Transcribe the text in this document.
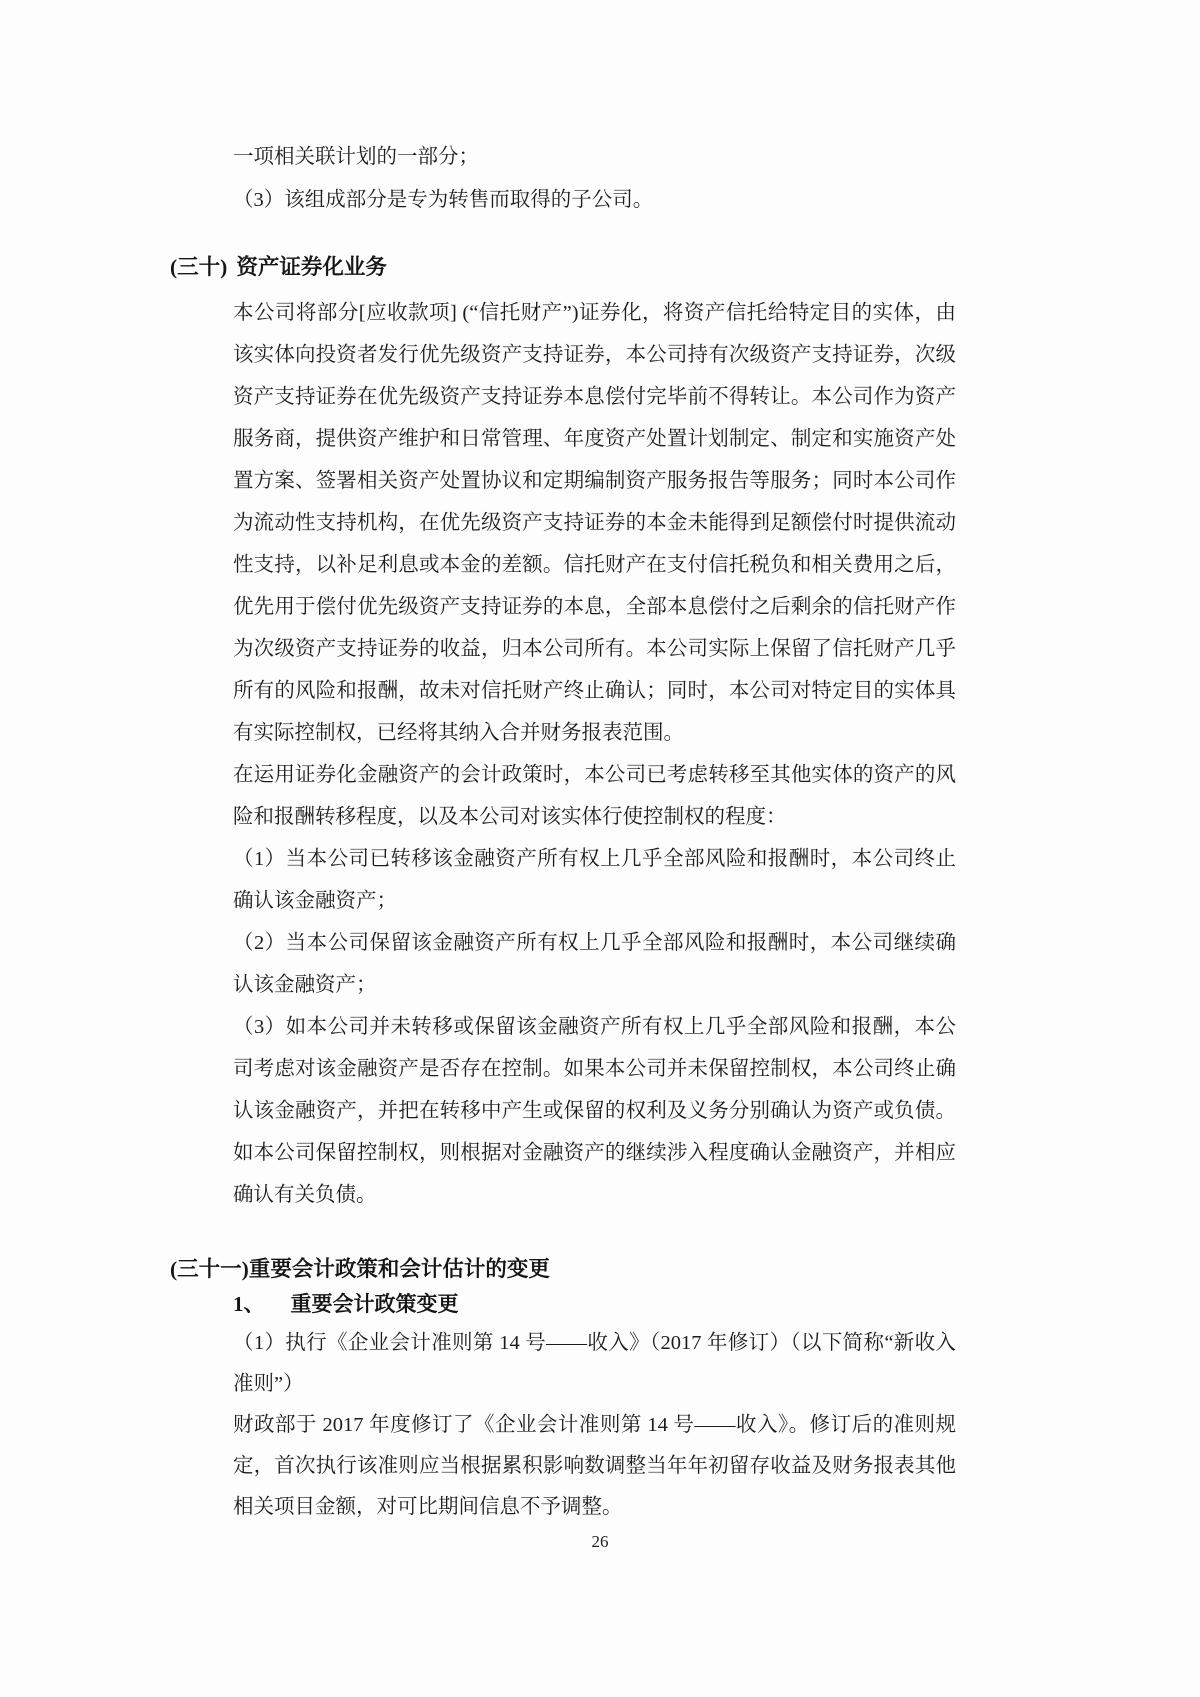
一项相关联计划的一部分；
（3）该组成部分是专为转售而取得的子公司。
(三十) 资产证券化业务

本公司将部分[应收款项] (“信托财产”)证券化，将资产信托给特定目的实体，由该实体向投资者发行优先级资产支持证券，本公司持有次级资产支持证券，次级资产支持证券在优先级资产支持证券本息偿付完毕前不得转让。本公司作为资产服务商，提供资产维护和日常管理、年度资产处置计划制定、制定和实施资产处置方案、签署相关资产处置协议和定期编制资产服务报告等服务；同时本公司作为流动性支持机构，在优先级资产支持证券的本金未能得到足额偿付时提供流动性支持，以补足利息或本金的差额。信托财产在支付信托税负和相关费用之后，优先用于偿付优先级资产支持证券的本息，全部本息偿付之后剩余的信托财产作为次级资产支持证券的收益，归本公司所有。本公司实际上保留了信托财产几乎所有的风险和报酬，故未对信托财产终止确认；同时，本公司对特定目的实体具有实际控制权，已经将其纳入合并财务报表范围。

在运用证券化金融资产的会计政策时，本公司已考虑转移至其他实体的资产的风险和报酬转移程度，以及本公司对该实体行使控制权的程度：

（1）当本公司已转移该金融资产所有权上几乎全部风险和报酬时，本公司终止确认该金融资产；

（2）当本公司保留该金融资产所有权上几乎全部风险和报酬时，本公司继续确认该金融资产；

（3）如本公司并未转移或保留该金融资产所有权上几乎全部风险和报酬，本公司考虑对该金融资产是否存在控制。如果本公司并未保留控制权，本公司终止确认该金融资产，并把在转移中产生或保留的权利及义务分别确认为资产或负债。如本公司保留控制权，则根据对金融资产的继续涉入程度确认金融资产，并相应确认有关负债。

(三十一)重要会计政策和会计估计的变更
1、 重要会计政策变更

（1）执行《企业会计准则第 14 号——收入》（2017 年修订）（以下简称“新收入准则”）

财政部于 2017 年度修订了《企业会计准则第 14 号——收入》。修订后的准则规定，首次执行该准则应当根据累积影响数调整当年年初留存收益及财务报表其他相关项目金额，对可比期间信息不予调整。

26
